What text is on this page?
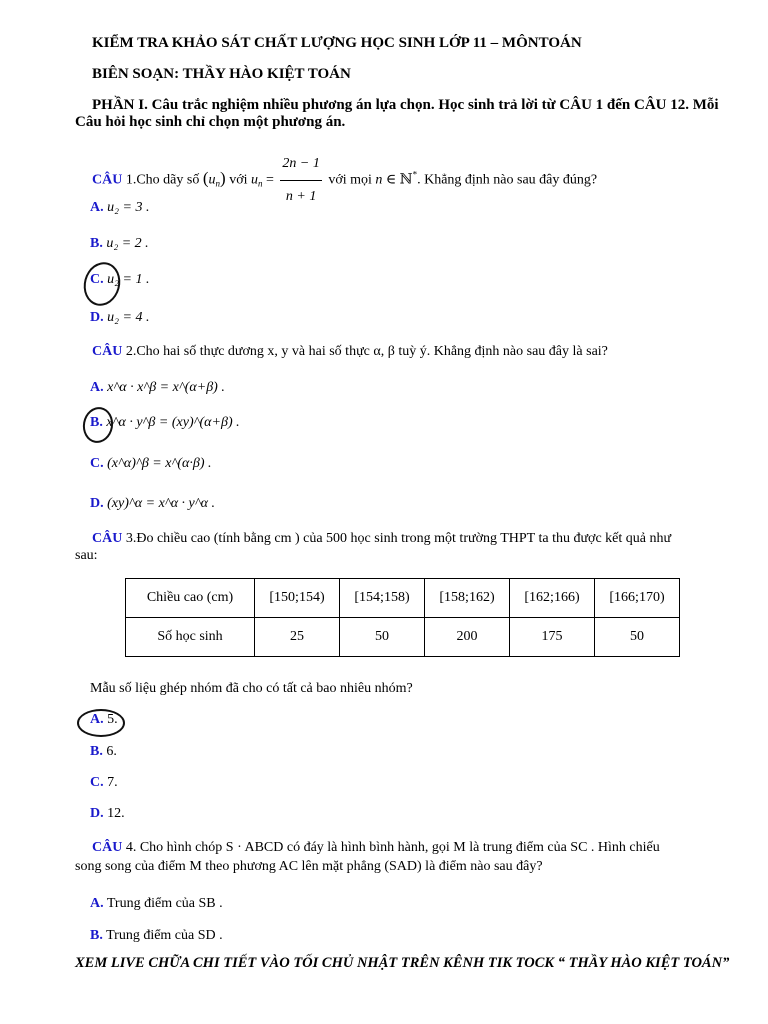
KIỂM TRA KHẢO SÁT CHẤT LƯỢNG HỌC SINH LỚP 11 – MÔNTOÁN
BIÊN SOẠN: THẦY HÀO KIỆT TOÁN
PHẦN I. Câu trắc nghiệm nhiều phương án lựa chọn. Học sinh trả lời từ CÂU 1 đến CÂU 12. Mỗi
Câu hỏi học sinh chỉ chọn một phương án.
CÂU 1.Cho dãy số $(u_n)$ với $u_n = \frac{2n - 1}{n + 1}$ với mọi n ∈ ℕ*. Khẳng định nào sau đây đúng?
A. u₂ = 3 .
B. u₂ = 2 .
C. u₂ = 1 .
D. u₂ = 4 .
CÂU 2.Cho hai số thực dương x, y và hai số thực α, β tuỳ ý. Khẳng định nào sau đây là sai?
A. x^α · x^β = x^(α+β) .
B. x^α · y^β = (xy)^(α+β) .
C. (x^α)^β = x^(α·β) .
D. (xy)^α = x^α · y^α .
CÂU 3.Đo chiều cao (tính bằng cm ) của 500 học sinh trong một trường THPT ta thu được kết quả như
sau:
Chiều cao (cm)	[150;154)	[154;158)	[158;162)	[162;166)	[166;170)
Số học sinh	25	50	200	175	50
Mẫu số liệu ghép nhóm đã cho có tất cả bao nhiêu nhóm?
A. 5.
B. 6.
C. 7.
D. 12.
CÂU 4. Cho hình chóp S · ABCD có đáy là hình bình hành, gọi M là trung điểm của SC . Hình chiếu
song song của điểm M theo phương AC lên mặt phẳng (SAD) là điểm nào sau đây?
A. Trung điểm của SB .
B. Trung điểm của SD .
XEM LIVE CHỮA CHI TIẾT VÀO TỐI CHỦ NHẬT TRÊN KÊNH TIK TOCK “ THẦY HÀO KIỆT TOÁN”
